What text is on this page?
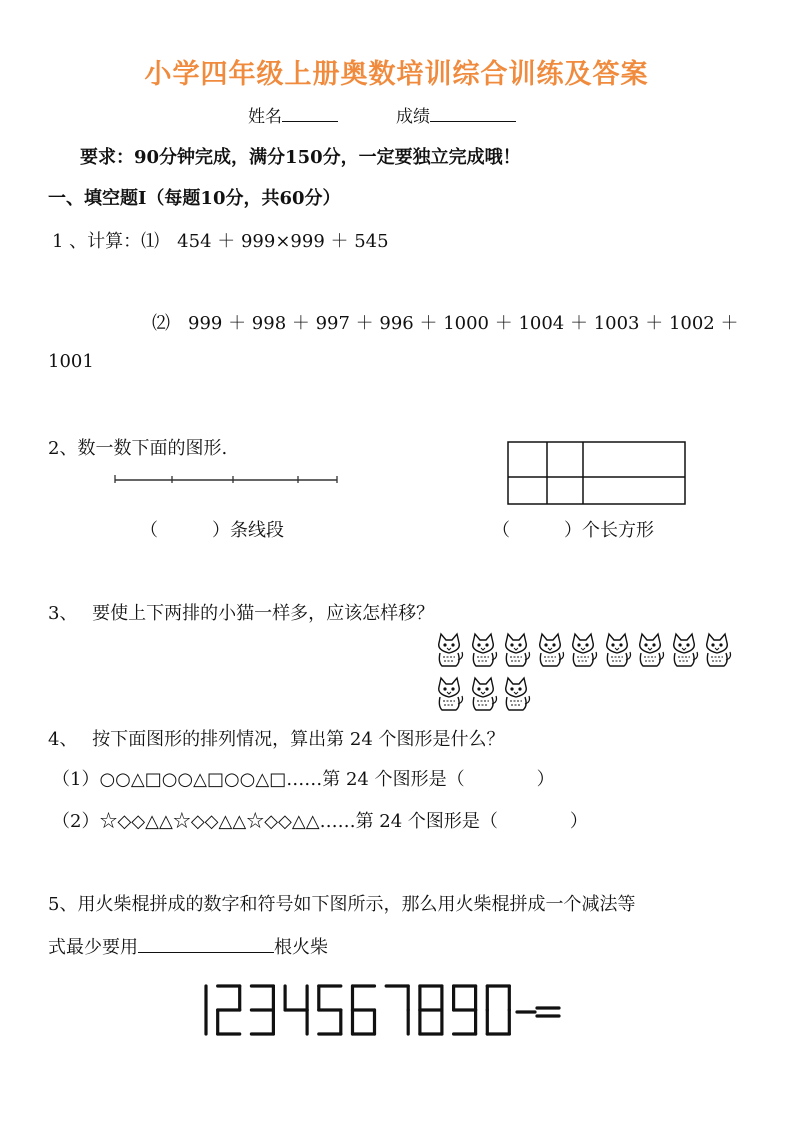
小学四年级上册奥数培训综合训练及答案
姓名	成绩
要求：90分钟完成，满分150分，一定要独立完成哦！
一、填空题Ⅰ（每题10分，共60分）
1 、计算：⑴　454 ＋ 999×999 ＋ 545
⑵　999 ＋ 998 ＋ 997 ＋ 996 ＋ 1000 ＋ 1004 ＋ 1003 ＋ 1002 ＋
1001
2、数一数下面的图形.
（　　　）条线段	（　　　）个长方形
3、　 要使上下两排的小猫一样多，应该怎样移？
4、　 按下面图形的排列情况，算出第 24 个图形是什么？
（1）○○△□○○△□○○△□……第 24 个图形是（　　　　）
（2）☆◇◇△△☆◇◇△△☆◇◇△△……第 24 个图形是（　　　　）
5、用火柴棍拼成的数字和符号如下图所示，那么用火柴棍拼成一个减法等
式最少要用	根火柴
